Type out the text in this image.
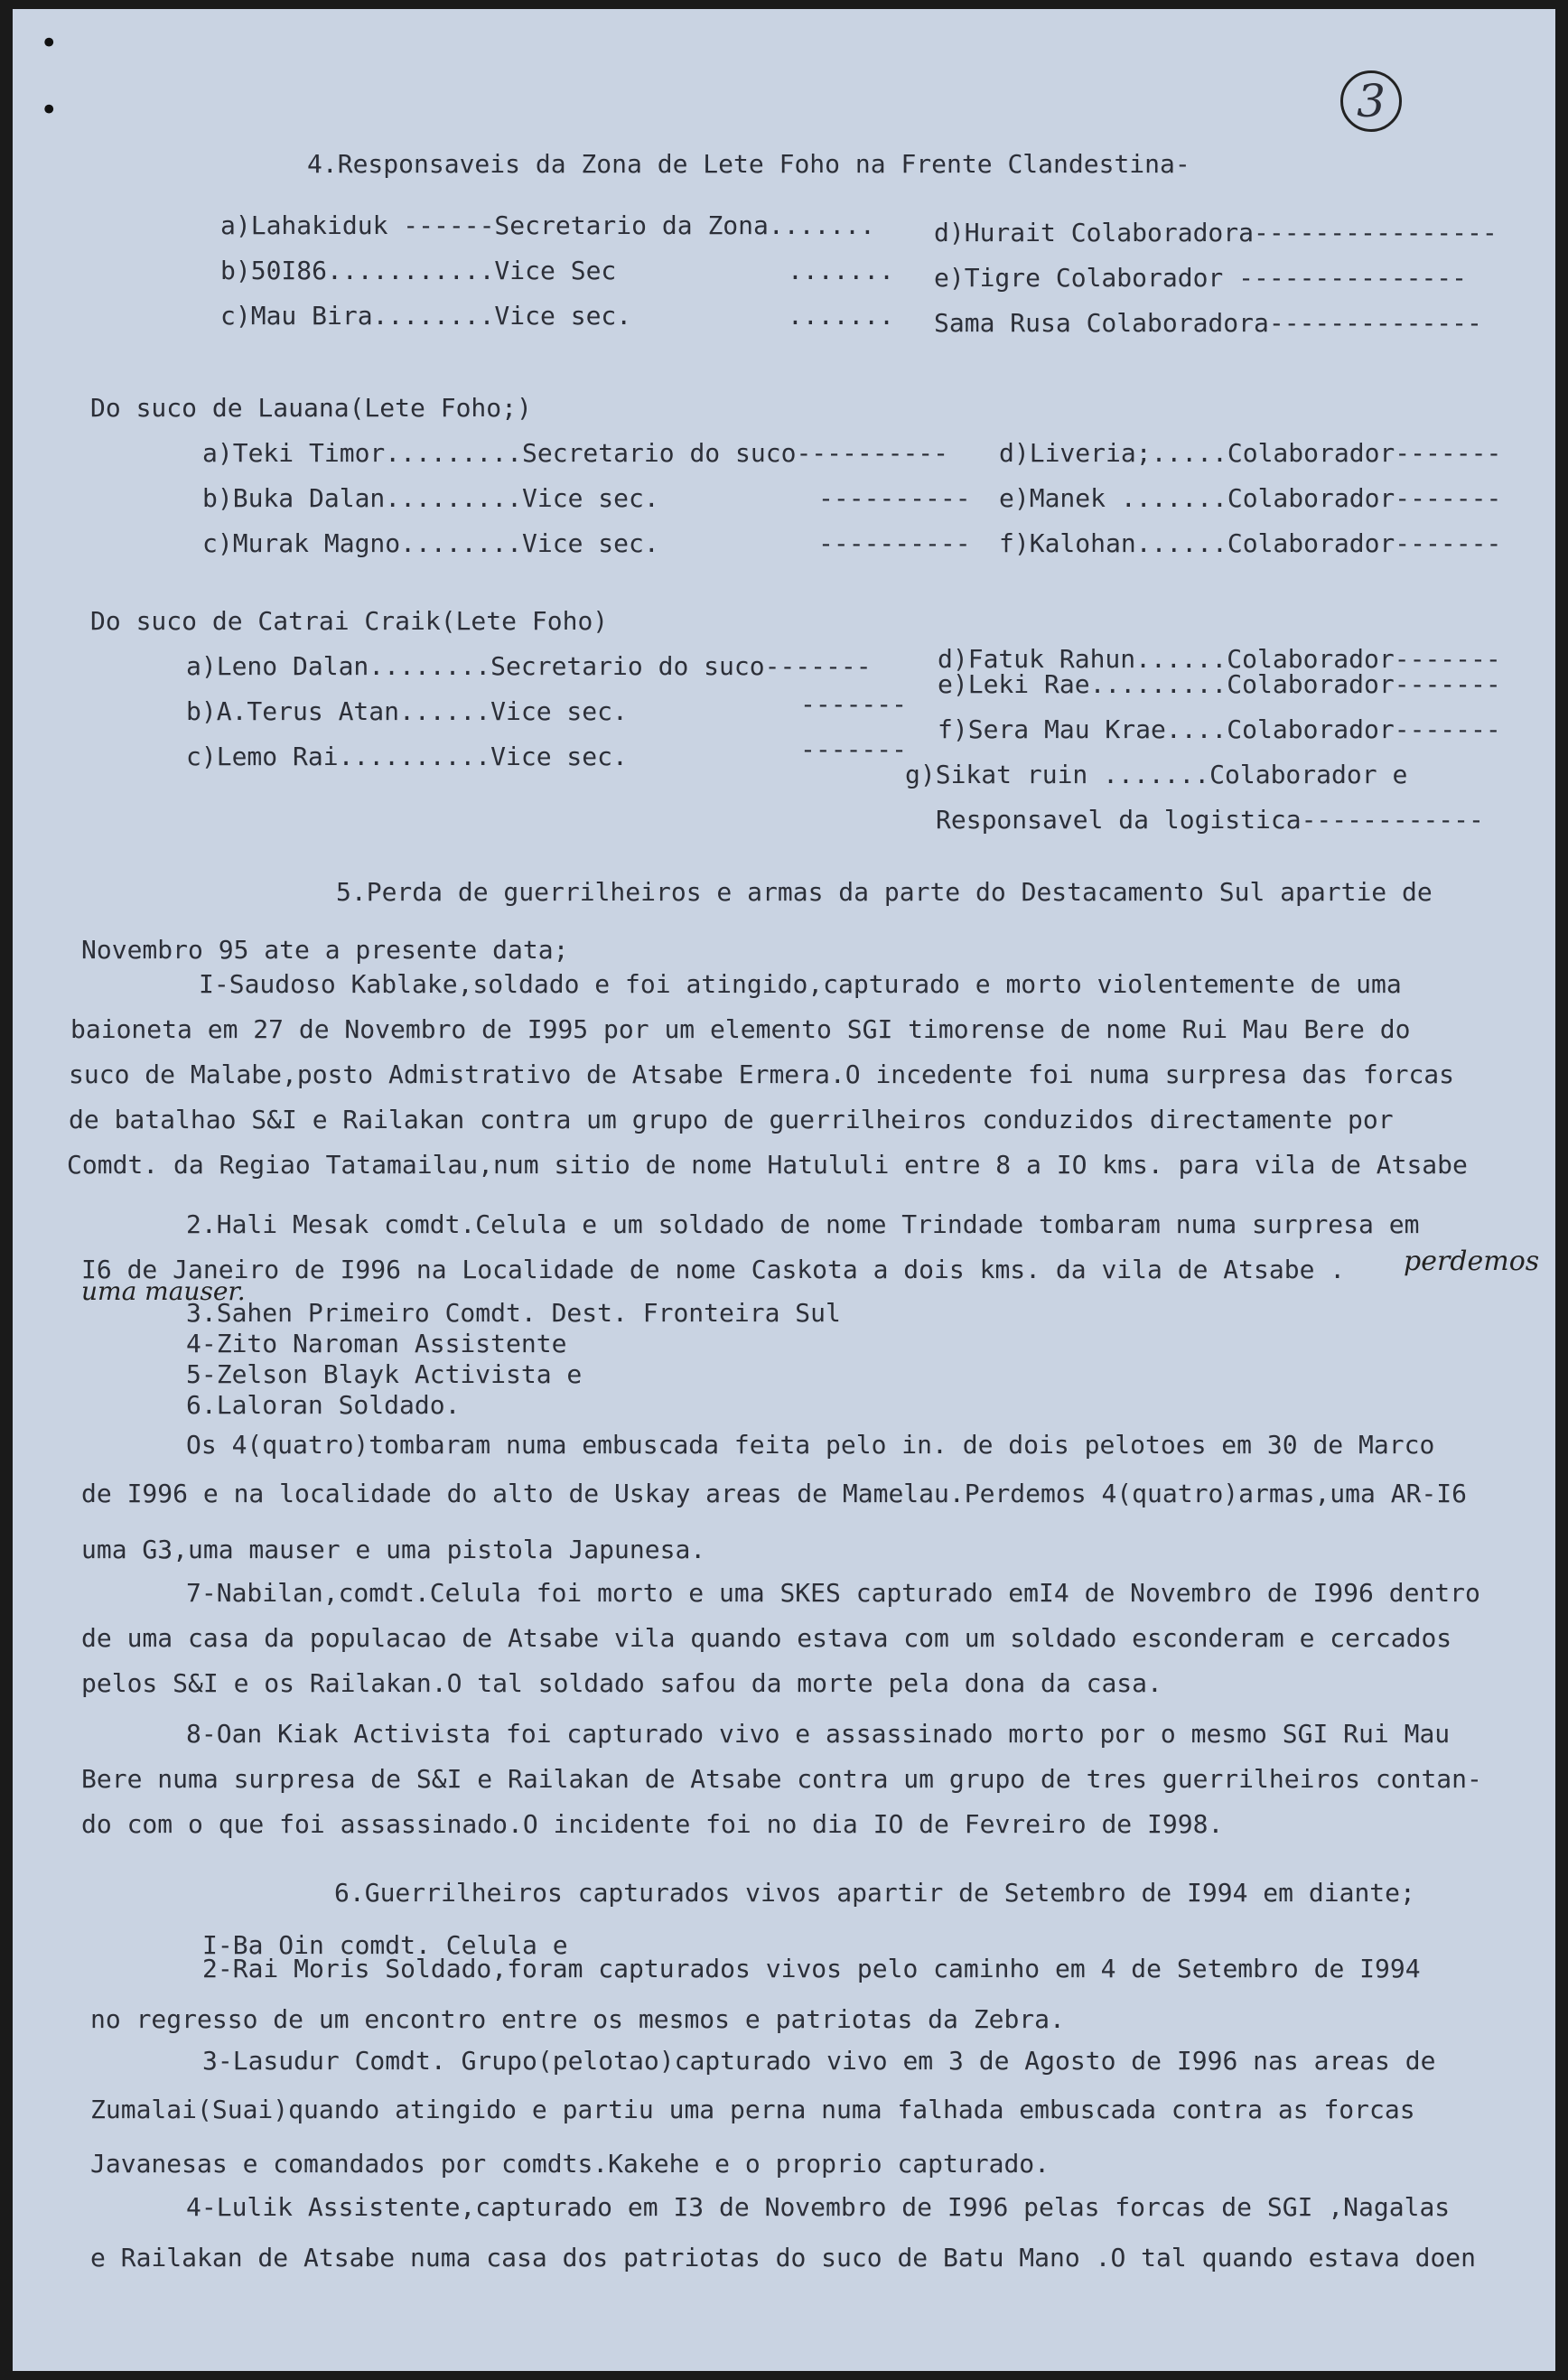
•
•	3
4.Responsaveis da Zona de Lete Foho na Frente Clandestina-
a)Lahakiduk ------Secretario da Zona.......
b)50I86...........Vice Sec
c)Mau Bira........Vice sec.
.......
.......
d)Hurait Colaboradora----------------
e)Tigre Colaborador ---------------
Sama Rusa Colaboradora--------------
Do suco de Lauana(Lete Foho;)
a)Teki Timor.........Secretario do suco----------
b)Buka Dalan.........Vice sec.
c)Murak Magno........Vice sec.
----------
----------
d)Liveria;.....Colaborador-------
e)Manek .......Colaborador-------
f)Kalohan......Colaborador-------
Do suco de Catrai Craik(Lete Foho)
a)Leno Dalan........Secretario do suco-------
b)A.Terus Atan......Vice sec.
c)Lemo Rai..........Vice sec.
-------
-------
d)Fatuk Rahun......Colaborador-------
e)Leki Rae.........Colaborador-------
f)Sera Mau Krae....Colaborador-------
g)Sikat ruin .......Colaborador e
Responsavel da logistica------------
5.Perda de guerrilheiros e armas da parte do Destacamento Sul apartie de
Novembro 95 ate a presente data;
I-Saudoso Kablake,soldado e foi atingido,capturado e morto violentemente de uma
baioneta em 27 de Novembro de I995 por um elemento SGI timorense de nome Rui Mau Bere do
suco de Malabe,posto Admistrativo de Atsabe Ermera.O incedente foi numa surpresa das forcas
de batalhao S&I e Railakan contra um grupo de guerrilheiros conduzidos directamente por
Comdt. da Regiao Tatamailau,num sitio de nome Hatululi entre 8 a IO kms. para vila de Atsabe
2.Hali Mesak comdt.Celula e um soldado de nome Trindade tombaram numa surpresa em
I6 de Janeiro de I996 na Localidade de nome Caskota a dois kms. da vila de Atsabe . perdemos
uma mauser.
3.Sahen Primeiro Comdt. Dest. Fronteira Sul
4-Zito Naroman Assistente
5-Zelson Blayk Activista e
6.Laloran Soldado.
Os 4(quatro)tombaram numa embuscada feita pelo in. de dois pelotoes em 30 de Marco
de I996 e na localidade do alto de Uskay areas de Mamelau.Perdemos 4(quatro)armas,uma AR-I6
uma G3,uma mauser e uma pistola Japunesa.
7-Nabilan,comdt.Celula foi morto e uma SKES capturado emI4 de Novembro de I996 dentro
de uma casa da populacao de Atsabe vila quando estava com um soldado esconderam e cercados
pelos S&I e os Railakan.O tal soldado safou da morte pela dona da casa.
8-Oan Kiak Activista foi capturado vivo e assassinado morto por o mesmo SGI Rui Mau
Bere numa surpresa de S&I e Railakan de Atsabe contra um grupo de tres guerrilheiros contan-
do com o que foi assassinado.O incidente foi no dia IO de Fevreiro de I998.
6.Guerrilheiros capturados vivos apartir de Setembro de I994 em diante;
I-Ba Oin comdt. Celula e
2-Rai Moris Soldado,foram capturados vivos pelo caminho em 4 de Setembro de I994
no regresso de um encontro entre os mesmos e patriotas da Zebra.
3-Lasudur Comdt. Grupo(pelotao)capturado vivo em 3 de Agosto de I996 nas areas de
Zumalai(Suai)quando atingido e partiu uma perna numa falhada embuscada contra as forcas
Javanesas e comandados por comdts.Kakehe e o proprio capturado.
4-Lulik Assistente,capturado em I3 de Novembro de I996 pelas forcas de SGI ,Nagalas
e Railakan de Atsabe numa casa dos patriotas do suco de Batu Mano .O tal quando estava doen
